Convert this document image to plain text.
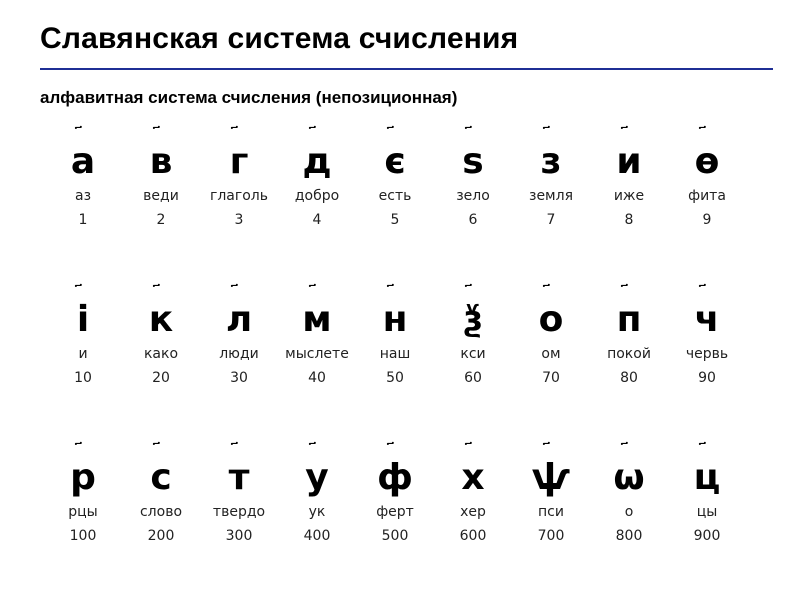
Славянская система счисления
алфавитная система счисления (непозиционная)
а
аз
1
в
веди
2
г
глаголь
3
д
добро
4
є
есть
5
ѕ
зело
6
з
земля
7
и
иже
8
ѳ
фита
9
і
и
10
к
како
20
л
люди
30
м
мыслете
40
н
наш
50
ѯ
кси
60
о
ом
70
п
покой
80
ч
червь
90
р
рцы
100
с
слово
200
т
твердо
300
у
ук
400
ф
ферт
500
х
хер
600
ѱ
пси
700
ѡ
о
800
ц
цы
900
